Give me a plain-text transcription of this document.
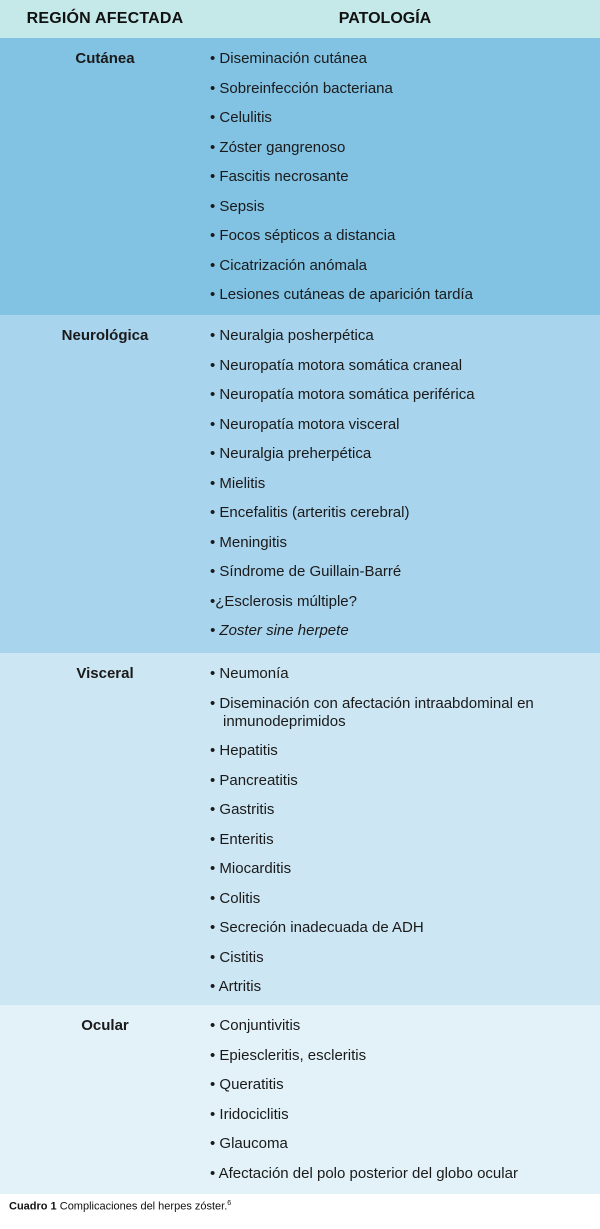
REGIÓN AFECTADA	PATOLOGÍA
Cutánea	• Diseminación cutánea
• Sobreinfección bacteriana
• Celulitis
• Zóster gangrenoso
• Fascitis necrosante
• Sepsis
• Focos sépticos a distancia
• Cicatrización anómala
• Lesiones cutáneas de aparición tardía
Neurológica	• Neuralgia posherpética
• Neuropatía motora somática craneal
• Neuropatía motora somática periférica
• Neuropatía motora visceral
• Neuralgia preherpética
• Mielitis
• Encefalitis (arteritis cerebral)
• Meningitis
• Síndrome de Guillain-Barré
• ¿Esclerosis múltiple?
• Zoster sine herpete
Visceral	• Neumonía
• Diseminación con afectación intraabdominal en inmunodeprimidos
• Hepatitis
• Pancreatitis
• Gastritis
• Enteritis
• Miocarditis
• Colitis
• Secreción inadecuada de ADH
• Cistitis
• Artritis
Ocular	• Conjuntivitis
• Epiescleritis, escleritis
• Queratitis
• Iridociclitis
• Glaucoma
• Afectación del polo posterior del globo ocular
Cuadro 1 Complicaciones del herpes zóster.$^6$
